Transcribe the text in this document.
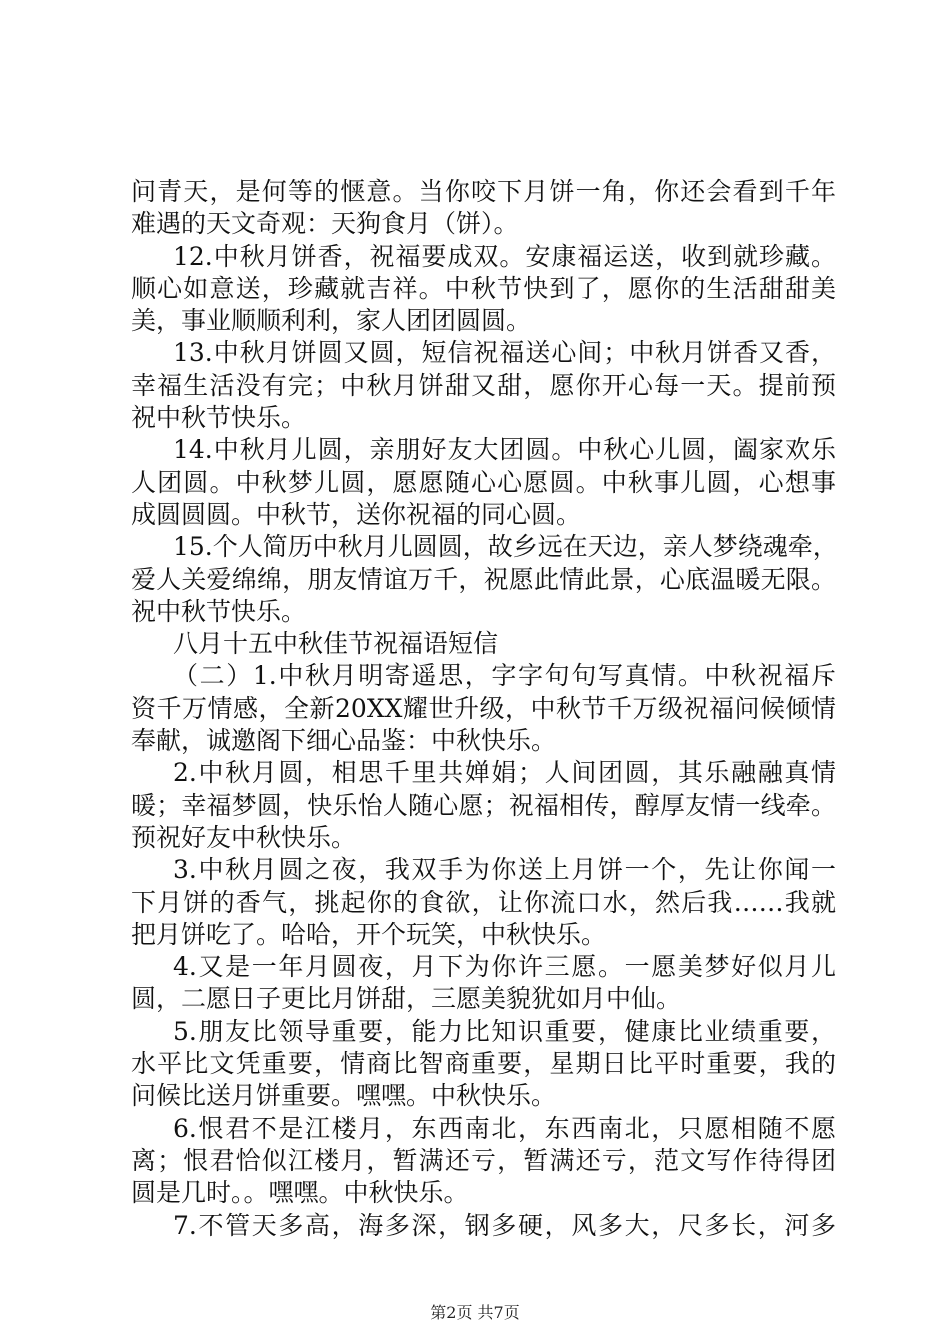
问青天，是何等的惬意。当你咬下月饼一角，你还会看到千年
难遇的天文奇观：天狗食月（饼）。
12.中秋月饼香，祝福要成双。安康福运送，收到就珍藏。
顺心如意送，珍藏就吉祥。中秋节快到了，愿你的生活甜甜美
美，事业顺顺利利，家人团团圆圆。
13.中秋月饼圆又圆，短信祝福送心间；中秋月饼香又香，
幸福生活没有完；中秋月饼甜又甜，愿你开心每一天。提前预
祝中秋节快乐。
14.中秋月儿圆，亲朋好友大团圆。中秋心儿圆，阖家欢乐
人团圆。中秋梦儿圆，愿愿随心心愿圆。中秋事儿圆，心想事
成圆圆圆。中秋节，送你祝福的同心圆。
15.个人简历中秋月儿圆圆，故乡远在天边，亲人梦绕魂牵，
爱人关爱绵绵，朋友情谊万千，祝愿此情此景，心底温暖无限。
祝中秋节快乐。
八月十五中秋佳节祝福语短信
（二）1.中秋月明寄遥思，字字句句写真情。中秋祝福斥
资千万情感，全新20XX耀世升级，中秋节千万级祝福问候倾情
奉献，诚邀阁下细心品鉴：中秋快乐。
2.中秋月圆，相思千里共婵娟；人间团圆，其乐融融真情
暖；幸福梦圆，快乐怡人随心愿；祝福相传，醇厚友情一线牵。
预祝好友中秋快乐。
3.中秋月圆之夜，我双手为你送上月饼一个，先让你闻一
下月饼的香气，挑起你的食欲，让你流口水，然后我……我就
把月饼吃了。哈哈，开个玩笑，中秋快乐。
4.又是一年月圆夜，月下为你许三愿。一愿美梦好似月儿
圆，二愿日子更比月饼甜，三愿美貌犹如月中仙。
5.朋友比领导重要，能力比知识重要，健康比业绩重要，
水平比文凭重要，情商比智商重要，星期日比平时重要，我的
问候比送月饼重要。嘿嘿。中秋快乐。
6.恨君不是江楼月，东西南北，东西南北，只愿相随不愿
离；恨君恰似江楼月，暂满还亏，暂满还亏，范文写作待得团
圆是几时。。嘿嘿。中秋快乐。
7.不管天多高，海多深，钢多硬，风多大，尺多长，河多
第2页 共7页
